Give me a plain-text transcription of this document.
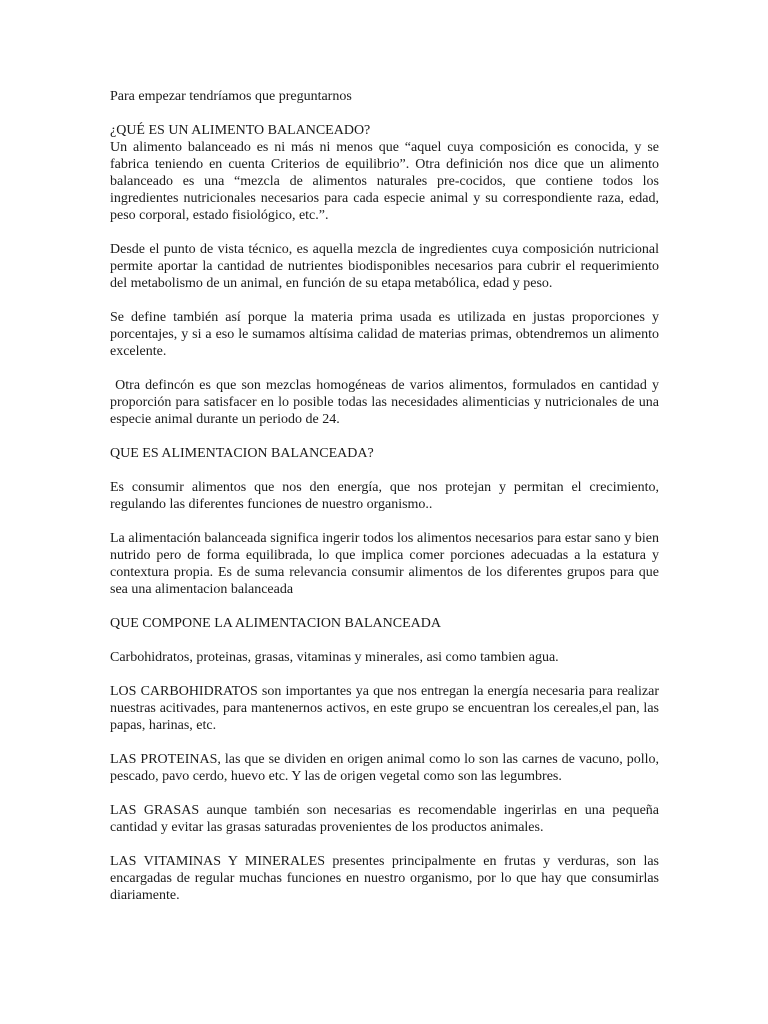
Para empezar tendríamos que preguntarnos

¿QUÉ ES UN ALIMENTO BALANCEADO?
Un alimento balanceado es ni más ni menos que “aquel cuya composición es conocida, y se fabrica teniendo en cuenta Criterios de equilibrio”. Otra definición nos dice que un alimento balanceado es una “mezcla de alimentos naturales pre-cocidos, que contiene todos los ingredientes nutricionales necesarios para cada especie animal y su correspondiente raza, edad, peso corporal, estado fisiológico, etc.”.

Desde el punto de vista técnico, es aquella mezcla de ingredientes cuya composición nutricional permite aportar la cantidad de nutrientes biodisponibles necesarios para cubrir el requerimiento del metabolismo de un animal, en función de su etapa metabólica, edad y peso.

Se define también así porque la materia prima usada es utilizada en justas proporciones y porcentajes, y si a eso le sumamos altísima calidad de materias primas, obtendremos un alimento excelente.

Otra defincón es que son mezclas homogéneas de varios alimentos, formulados en cantidad y proporción para satisfacer en lo posible todas las necesidades alimenticias y nutricionales de una especie animal durante un periodo de 24.

QUE ES ALIMENTACION BALANCEADA?

Es consumir alimentos que nos den energía, que nos protejan y permitan el crecimiento, regulando las diferentes funciones de nuestro organismo..

La alimentación balanceada significa ingerir todos los alimentos necesarios para estar sano y bien nutrido pero de forma equilibrada, lo que implica comer porciones adecuadas a la estatura y contextura propia. Es de suma relevancia consumir alimentos de los diferentes grupos para que sea una alimentacion balanceada

QUE COMPONE LA ALIMENTACION BALANCEADA

Carbohidratos, proteinas, grasas, vitaminas y minerales, asi como tambien agua.

LOS CARBOHIDRATOS son importantes ya que nos entregan la energía necesaria para realizar nuestras acitivades, para mantenernos activos, en este grupo se encuentran los cereales,el pan, las papas, harinas, etc.

LAS PROTEINAS, las que se dividen en origen animal como lo son las carnes de vacuno, pollo, pescado, pavo cerdo, huevo etc. Y las de origen vegetal como son las legumbres.

LAS GRASAS aunque también son necesarias es recomendable ingerirlas en una pequeña cantidad y evitar las grasas saturadas provenientes de los productos animales.

LAS VITAMINAS Y MINERALES presentes principalmente en frutas y verduras, son las encargadas de regular muchas funciones en nuestro organismo, por lo que hay que consumirlas diariamente.
